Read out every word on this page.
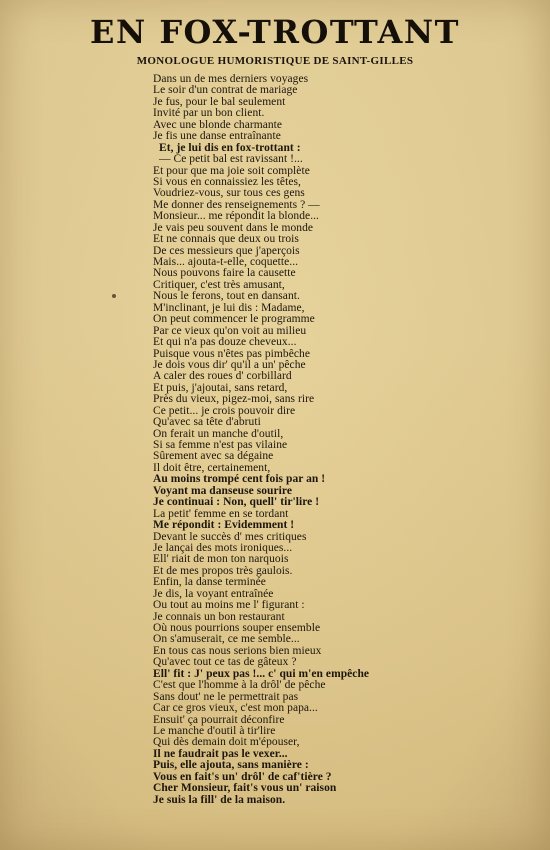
EN FOX-TROTTANT
MONOLOGUE HUMORISTIQUE DE SAINT-GILLES
Dans un de mes derniers voyages
Le soir d'un contrat de mariage
Je fus, pour le bal seulement
Invité par un bon client.
Avec une blonde charmante
Je fis une danse entraînante
Et, je lui dis en fox-trottant :
— Ce petit bal est ravissant !...
Et pour que ma joie soit complète
Si vous en connaissiez les têtes,
Voudriez-vous, sur tous ces gens
Me donner des renseignements ? —
Monsieur... me répondit la blonde...
Je vais peu souvent dans le monde
Et ne connais que deux ou trois
De ces messieurs que j'aperçois
Mais... ajouta-t-elle, coquette...
Nous pouvons faire la causette
Critiquer, c'est très amusant,
Nous le ferons, tout en dansant.
M'inclinant, je lui dis : Madame,
On peut commencer le programme
Par ce vieux qu'on voit au milieu
Et qui n'a pas douze cheveux...
Puisque vous n'êtes pas pimbêche
Je dois vous dir' qu'il a un' pêche
A caler des roues d' corbillard
Et puis, j'ajoutai, sans retard,
Près du vieux, pigez-moi, sans rire
Ce petit... je crois pouvoir dire
Qu'avec sa tête d'abruti
On ferait un manche d'outil,
Si sa femme n'est pas vilaine
Sûrement avec sa dégaine
Il doit être, certainement,
Au moins trompé cent fois par an !
Voyant ma danseuse sourire
Je continuai : Non, quell' tir'lire !
La petit' femme en se tordant
Me répondit : Evidemment !
Devant le succès d' mes critiques
Je lançai des mots ironiques...
Ell' riait de mon ton narquois
Et de mes propos très gaulois.
Enfin, la danse terminée
Je dis, la voyant entraînée
Ou tout au moins me l' figurant :
Je connais un bon restaurant
Où nous pourrions souper ensemble
On s'amuserait, ce me semble...
En tous cas nous serions bien mieux
Qu'avec tout ce tas de gâteux ?
Ell' fit : J' peux pas !... c' qui m'en empêche
C'est que l'homme à la drôl' de pêche
Sans dout' ne le permettrait pas
Car ce gros vieux, c'est mon papa...
Ensuit' ça pourrait déconfire
Le manche d'outil à tir'lire
Qui dès demain doit m'épouser,
Il ne faudrait pas le vexer...
Puis, elle ajouta, sans manière :
Vous en fait's un' drôl' de caf'tière ?
Cher Monsieur, fait's vous un' raison
Je suis la fill' de la maison.
